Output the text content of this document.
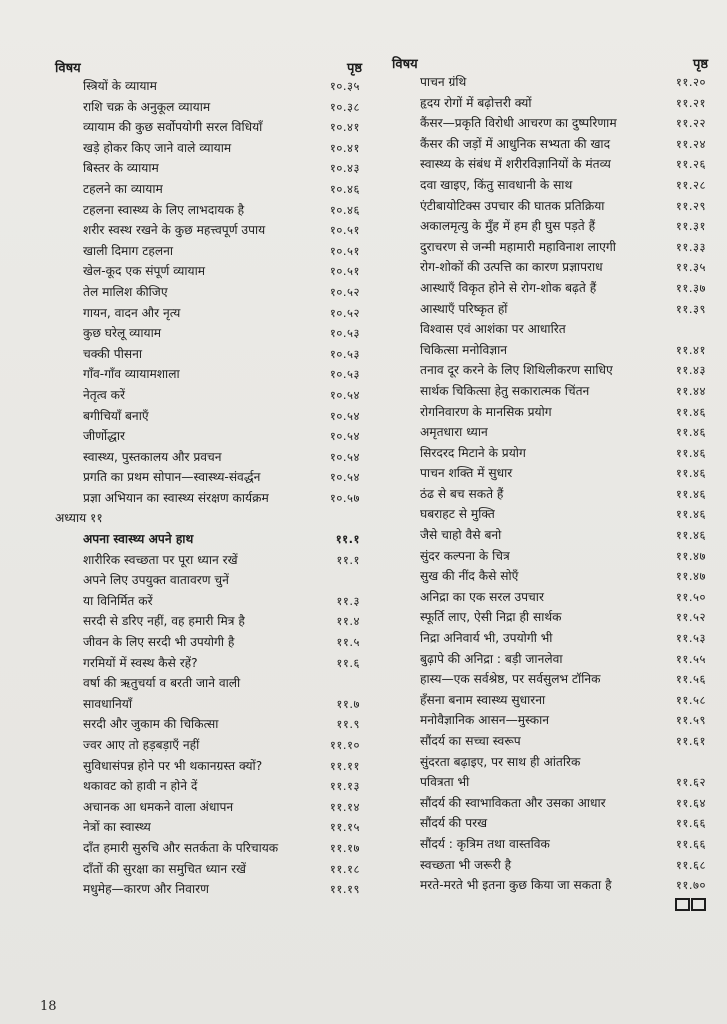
विषय	पृष्ठ
स्त्रियों के व्यायाम	१०.३५
राशि चक्र के अनुकूल व्यायाम	१०.३८
व्यायाम की कुछ सर्वोपयोगी सरल विधियाँ	१०.४१
खड़े होकर किए जाने वाले व्यायाम	१०.४१
बिस्तर के व्यायाम	१०.४३
टहलने का व्यायाम	१०.४६
टहलना स्वास्थ्य के लिए लाभदायक है	१०.४६
शरीर स्वस्थ रखने के कुछ महत्त्वपूर्ण उपाय	१०.५१
खाली दिमाग टहलना	१०.५१
खेल-कूद एक संपूर्ण व्यायाम	१०.५१
तेल मालिश कीजिए	१०.५२
गायन, वादन और नृत्य	१०.५२
कुछ घरेलू व्यायाम	१०.५३
चक्की पीसना	१०.५३
गाँव-गाँव व्यायामशाला	१०.५३
नेतृत्व करें	१०.५४
बगीचियाँ बनाएँ	१०.५४
जीर्णोद्धार	१०.५४
स्वास्थ्य, पुस्तकालय और प्रवचन	१०.५४
प्रगति का प्रथम सोपान—स्वास्थ्य-संवर्द्धन	१०.५४
प्रज्ञा अभियान का स्वास्थ्य संरक्षण कार्यक्रम	१०.५७
अध्याय ११
अपना स्वास्थ्य अपने हाथ	११.१
शारीरिक स्वच्छता पर पूरा ध्यान रखें	११.१
अपने लिए उपयुक्त वातावरण चुनें
या विनिर्मित करें	११.३
सरदी से डरिए नहीं, वह हमारी मित्र है	११.४
जीवन के लिए सरदी भी उपयोगी है	११.५
गरमियों में स्वस्थ कैसे रहें?	११.६
वर्षा की ऋतुचर्या व बरती जाने वाली
सावधानियाँ	११.७
सरदी और जुकाम की चिकित्सा	११.९
ज्वर आए तो हड़बड़ाएँ नहीं	११.१०
सुविधासंपन्न होने पर भी थकानग्रस्त क्यों?	११.११
थकावट को हावी न होने दें	११.१३
अचानक आ धमकने वाला अंधापन	११.१४
नेत्रों का स्वास्थ्य	११.१५
दाँत हमारी सुरुचि और सतर्कता के परिचायक	११.१७
दाँतों की सुरक्षा का समुचित ध्यान रखें	११.१८
मधुमेह—कारण और निवारण	११.१९
विषय	पृष्ठ
पाचन ग्रंथि	११.२०
हृदय रोगों में बढ़ोत्तरी क्यों	११.२१
कैंसर—प्रकृति विरोधी आचरण का दुष्परिणाम	११.२२
कैंसर की जड़ों में आधुनिक सभ्यता की खाद	११.२४
स्वास्थ्य के संबंध में शरीरविज्ञानियों के मंतव्य	११.२६
दवा खाइए, किंतु सावधानी के साथ	११.२८
एंटीबायोटिक्स उपचार की घातक प्रतिक्रिया	११.२९
अकालमृत्यु के मुँह में हम ही घुस पड़ते हैं	११.३१
दुराचरण से जन्मी महामारी महाविनाश लाएगी	११.३३
रोग-शोकों की उत्पत्ति का कारण प्रज्ञापराध	११.३५
आस्थाएँ विकृत होने से रोग-शोक बढ़ते हैं	११.३७
आस्थाएँ परिष्कृत हों	११.३९
विश्वास एवं आशंका पर आधारित
चिकित्सा मनोविज्ञान	११.४१
तनाव दूर करने के लिए शिथिलीकरण साधिए	११.४३
सार्थक चिकित्सा हेतु सकारात्मक चिंतन	११.४४
रोगनिवारण के मानसिक प्रयोग	११.४६
अमृतधारा ध्यान	११.४६
सिरदरद मिटाने के प्रयोग	११.४६
पाचन शक्ति में सुधार	११.४६
ठंढ से बच सकते हैं	११.४६
घबराहट से मुक्ति	११.४६
जैसे चाहो वैसे बनो	११.४६
सुंदर कल्पना के चित्र	११.४७
सुख की नींद कैसे सोएँ	११.४७
अनिद्रा का एक सरल उपचार	११.५०
स्फूर्ति लाए, ऐसी निद्रा ही सार्थक	११.५२
निद्रा अनिवार्य भी, उपयोगी भी	११.५३
बुढ़ापे की अनिद्रा : बड़ी जानलेवा	११.५५
हास्य—एक सर्वश्रेष्ठ, पर सर्वसुलभ टॉनिक	११.५६
हँसना बनाम स्वास्थ्य सुधारना	११.५८
मनोवैज्ञानिक आसन—मुस्कान	११.५९
सौंदर्य का सच्चा स्वरूप	११.६१
सुंदरता बढ़ाइए, पर साथ ही आंतरिक
पवित्रता भी	११.६२
सौंदर्य की स्वाभाविकता और उसका आधार	११.६४
सौंदर्य की परख	११.६६
सौंदर्य : कृत्रिम तथा वास्तविक	११.६६
स्वच्छता भी जरूरी है	११.६८
मरते-मरते भी इतना कुछ किया जा सकता है	११.७०
18
